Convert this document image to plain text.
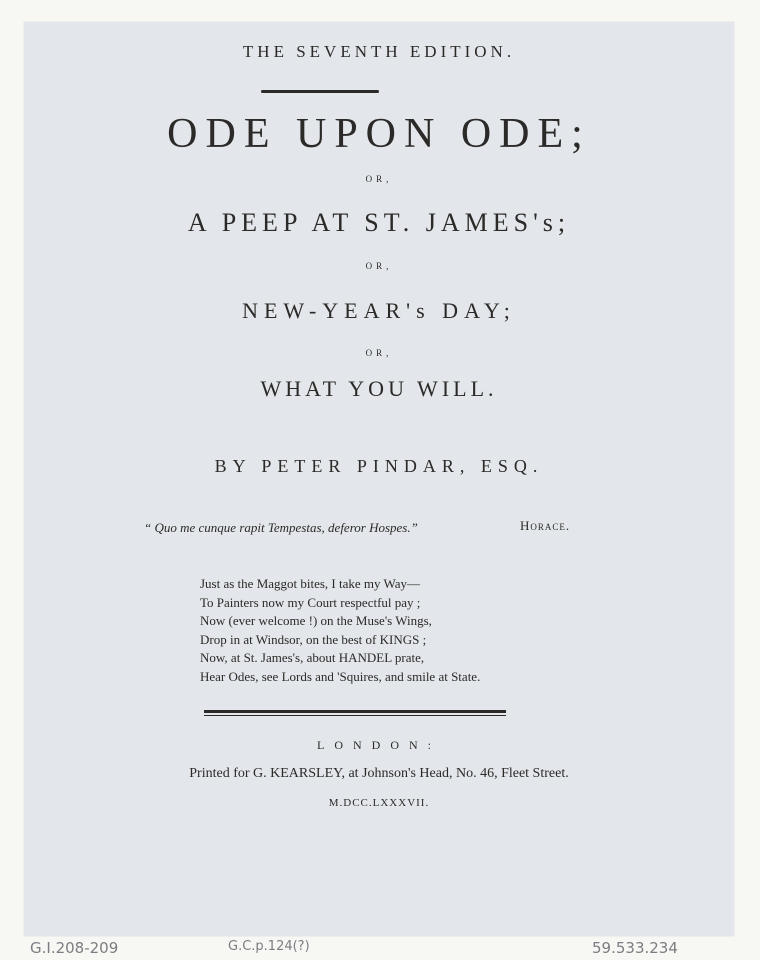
THE SEVENTH EDITION.
ODE UPON ODE;
OR,
A PEEP AT ST. JAMES's;
OR,
NEW-YEAR's DAY;
OR,
WHAT YOU WILL.
BY PETER PINDAR, ESQ.
“ Quo me cunque rapit Tempestas, deferor Hospes.”	Horace.
Just as the Maggot bites, I take my Way—
To Painters now my Court respectful pay ;
Now (ever welcome !) on the Muse's Wings,
Drop in at Windsor, on the best of KINGS ;
Now, at St. James's, about HANDEL prate,
Hear Odes, see Lords and 'Squires, and smile at State.
LONDON:
Printed for G. KEARSLEY, at Johnson's Head, No. 46, Fleet Street.
M.DCC.LXXXVII.
G.I.208-209	G.C.p.124(?)	59.533.234
